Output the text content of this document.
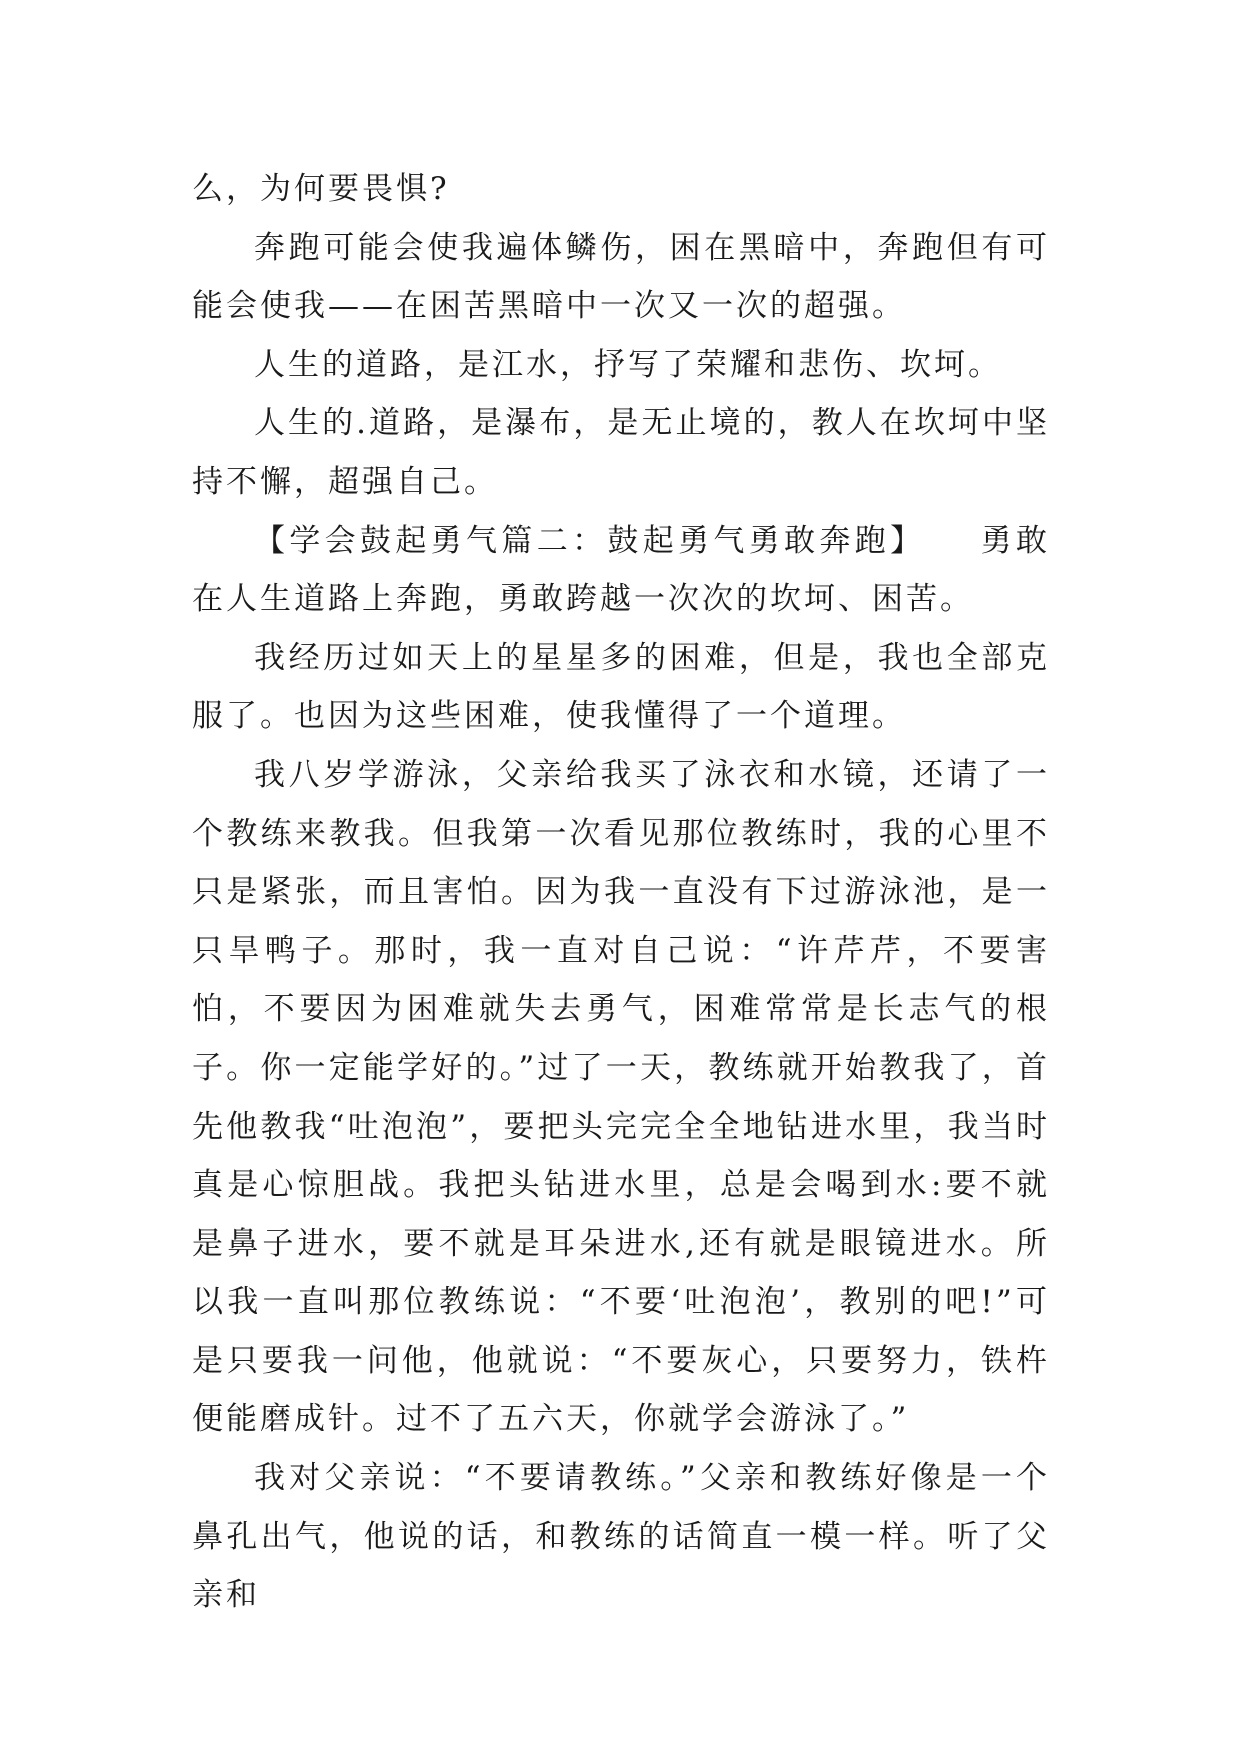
么，为何要畏惧?

奔跑可能会使我遍体鳞伤，困在黑暗中，奔跑但有可能会使我——在困苦黑暗中一次又一次的超强。

人生的道路，是江水，抒写了荣耀和悲伤、坎坷。

人生的.道路，是瀑布，是无止境的，教人在坎坷中坚持不懈，超强自己。

【学会鼓起勇气篇二：鼓起勇气勇敢奔跑】　　勇敢在人生道路上奔跑，勇敢跨越一次次的坎坷、困苦。

我经历过如天上的星星多的困难，但是，我也全部克服了。也因为这些困难，使我懂得了一个道理。

我八岁学游泳，父亲给我买了泳衣和水镜，还请了一个教练来教我。但我第一次看见那位教练时，我的心里不只是紧张，而且害怕。因为我一直没有下过游泳池，是一只旱鸭子。那时，我一直对自己说：“许芹芹，不要害怕，不要因为困难就失去勇气，困难常常是长志气的根子。你一定能学好的。”过了一天，教练就开始教我了，首先他教我“吐泡泡”，要把头完完全全地钻进水里，我当时真是心惊胆战。我把头钻进水里，总是会喝到水:要不就是鼻子进水，要不就是耳朵进水,还有就是眼镜进水。所以我一直叫那位教练说：“不要‘吐泡泡’，教别的吧!”可是只要我一问他，他就说：“不要灰心，只要努力，铁杵便能磨成针。过不了五六天，你就学会游泳了。”

我对父亲说：“不要请教练。”父亲和教练好像是一个鼻孔出气，他说的话，和教练的话简直一模一样。听了父亲和
